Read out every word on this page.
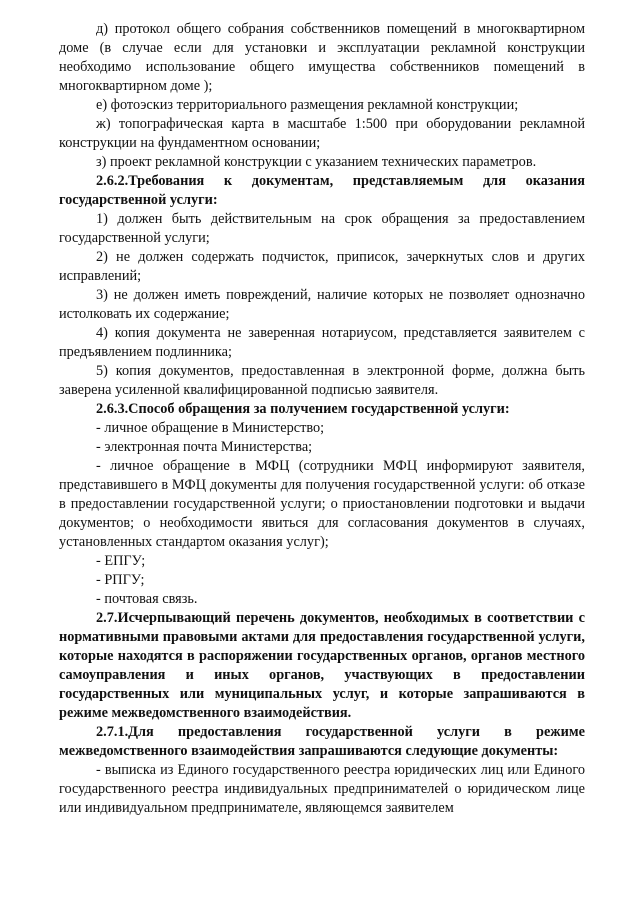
д) протокол общего собрания собственников помещений в многоквартирном доме (в случае если для установки и эксплуатации рекламной конструкции необходимо использование общего имущества собственников помещений в многоквартирном доме );

е) фотоэскиз территориального размещения рекламной конструкции;

ж) топографическая карта в масштабе 1:500 при оборудовании рекламной конструкции на фундаментном основании;

з) проект рекламной конструкции с указанием технических параметров.

2.6.2.Требования к документам, представляемым для оказания государственной услуги:

1) должен быть действительным на срок обращения за предоставлением государственной услуги;

2) не должен содержать подчисток, приписок, зачеркнутых слов и других исправлений;

3) не должен иметь повреждений, наличие которых не позволяет однозначно истолковать их содержание;

4) копия документа не заверенная нотариусом, представляется заявителем с предъявлением подлинника;

5) копия документов, предоставленная в электронной форме, должна быть заверена усиленной квалифицированной подписью заявителя.

2.6.3.Способ обращения за получением государственной услуги:

- личное обращение в Министерство;

- электронная почта Министерства;

- личное обращение в МФЦ (сотрудники МФЦ информируют заявителя, представившего в МФЦ документы для получения государственной услуги: об отказе в предоставлении государственной услуги; о приостановлении подготовки и выдачи документов; о необходимости явиться для согласования документов в случаях, установленных стандартом оказания услуг);

- ЕПГУ;

- РПГУ;

- почтовая связь.

2.7.Исчерпывающий перечень документов, необходимых в соответствии с нормативными правовыми актами для предоставления государственной услуги, которые находятся в распоряжении государственных органов, органов местного самоуправления и иных органов, участвующих в предоставлении государственных или муниципальных услуг, и которые запрашиваются в режиме межведомственного взаимодействия.

2.7.1.Для предоставления государственной услуги в режиме межведомственного взаимодействия запрашиваются следующие документы:

- выписка из Единого государственного реестра юридических лиц или Единого государственного реестра индивидуальных предпринимателей о юридическом лице или индивидуальном предпринимателе, являющемся заявителем
